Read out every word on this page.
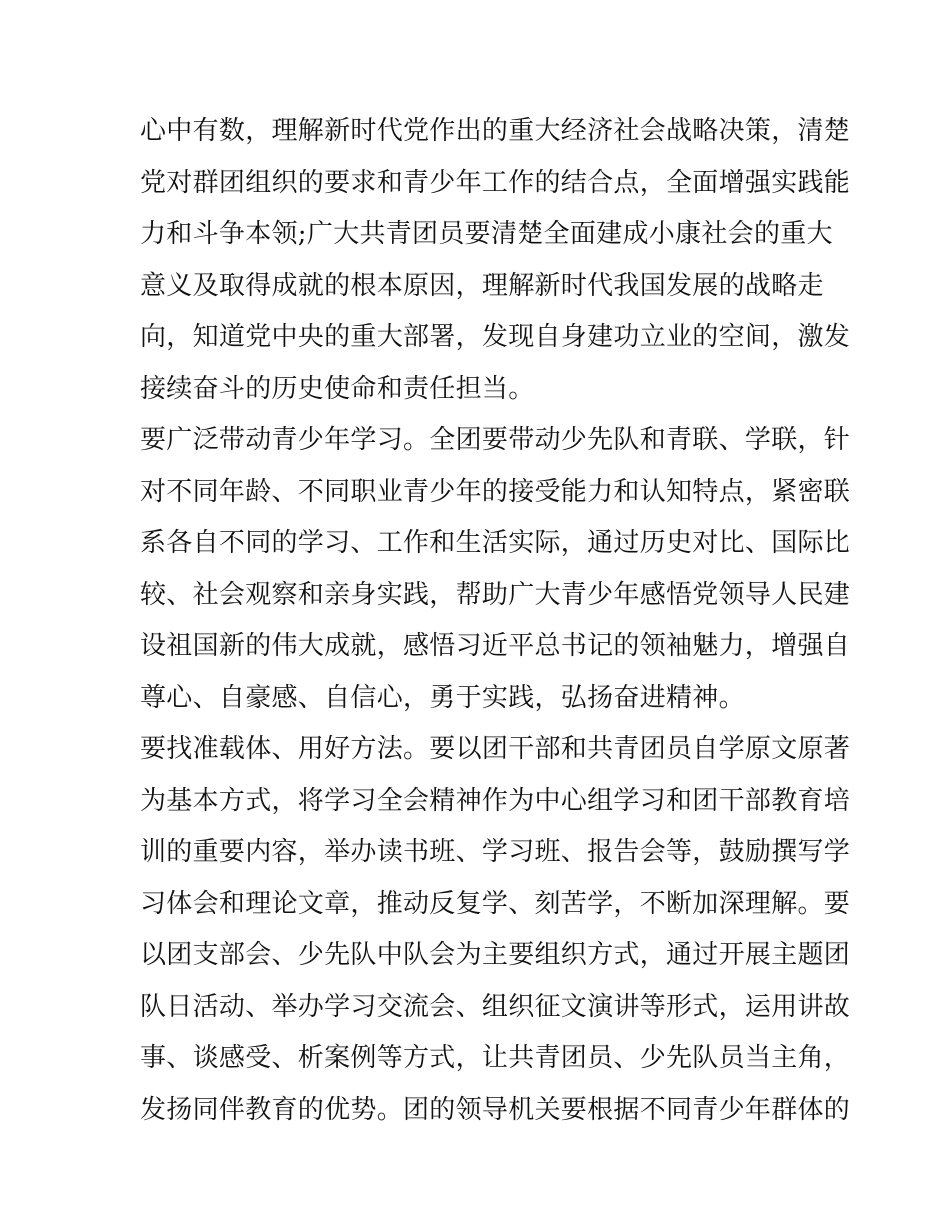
心中有数，理解新时代党作出的重大经济社会战略决策，清楚
党对群团组织的要求和青少年工作的结合点，全面增强实践能
力和斗争本领;广大共青团员要清楚全面建成小康社会的重大
意义及取得成就的根本原因，理解新时代我国发展的战略走
向，知道党中央的重大部署，发现自身建功立业的空间，激发
接续奋斗的历史使命和责任担当。
要广泛带动青少年学习。全团要带动少先队和青联、学联，针
对不同年龄、不同职业青少年的接受能力和认知特点，紧密联
系各自不同的学习、工作和生活实际，通过历史对比、国际比
较、社会观察和亲身实践，帮助广大青少年感悟党领导人民建
设祖国新的伟大成就，感悟习近平总书记的领袖魅力，增强自
尊心、自豪感、自信心，勇于实践，弘扬奋进精神。
要找准载体、用好方法。要以团干部和共青团员自学原文原著
为基本方式，将学习全会精神作为中心组学习和团干部教育培
训的重要内容，举办读书班、学习班、报告会等，鼓励撰写学
习体会和理论文章，推动反复学、刻苦学，不断加深理解。要
以团支部会、少先队中队会为主要组织方式，通过开展主题团
队日活动、举办学习交流会、组织征文演讲等形式，运用讲故
事、谈感受、析案例等方式，让共青团员、少先队员当主角，
发扬同伴教育的优势。团的领导机关要根据不同青少年群体的
